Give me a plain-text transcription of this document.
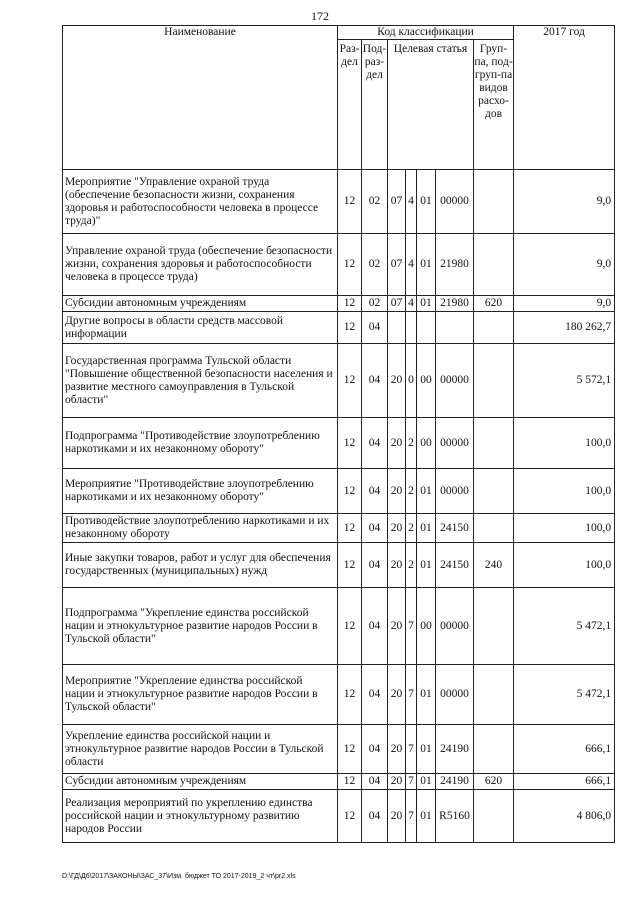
172
Наименование	Код классификации							2017 год
	Раз-дел	Под-раз-дел	Целевая статья				Груп-па, под-груп-па видов расхо-дов	
Мероприятие "Управление охраной труда (обеспечение безопасности жизни, сохранения здоровья и работоспособности человека в процессе труда)"	12	02	07	4	01	00000		9,0
Управление охраной труда (обеспечение безопасности жизни, сохранения здоровья и работоспособности человека в процессе труда)	12	02	07	4	01	21980		9,0
Субсидии автономным учреждениям	12	02	07	4	01	21980	620	9,0
Другие вопросы в области средств массовой информации	12	04						180 262,7
Государственная программа Тульской области "Повышение общественной безопасности населения и развитие местного самоуправления в Тульской области"	12	04	20	0	00	00000		5 572,1
Подпрограмма "Противодействие злоупотреблению наркотиками и их незаконному обороту"	12	04	20	2	00	00000		100,0
Мероприятие "Противодействие злоупотреблению наркотиками и их незаконному обороту"	12	04	20	2	01	00000		100,0
Противодействие злоупотреблению наркотиками и их незаконному обороту	12	04	20	2	01	24150		100,0
Иные закупки товаров, работ и услуг для обеспечения государственных (муниципальных) нужд	12	04	20	2	01	24150	240	100,0
Подпрограмма "Укрепление единства российской нации и этнокультурное развитие народов России в Тульской области"	12	04	20	7	00	00000		5 472,1
Мероприятие "Укрепление единства российской нации и этнокультурное развитие народов России в Тульской области"	12	04	20	7	01	00000		5 472,1
Укрепление единства российской нации и этнокультурное развитие народов России в Тульской области	12	04	20	7	01	24190		666,1
Субсидии автономным учреждениям	12	04	20	7	01	24190	620	666,1
Реализация мероприятий по укреплению единства российской нации и этнокультурному развитию народов России	12	04	20	7	01	R5160		4 806,0
D:\ГД\Д6\2017\ЗАКОНЫ\ЗАС_37\Изм. бюджет ТО 2017-2019_2 чт\pr2.xls
